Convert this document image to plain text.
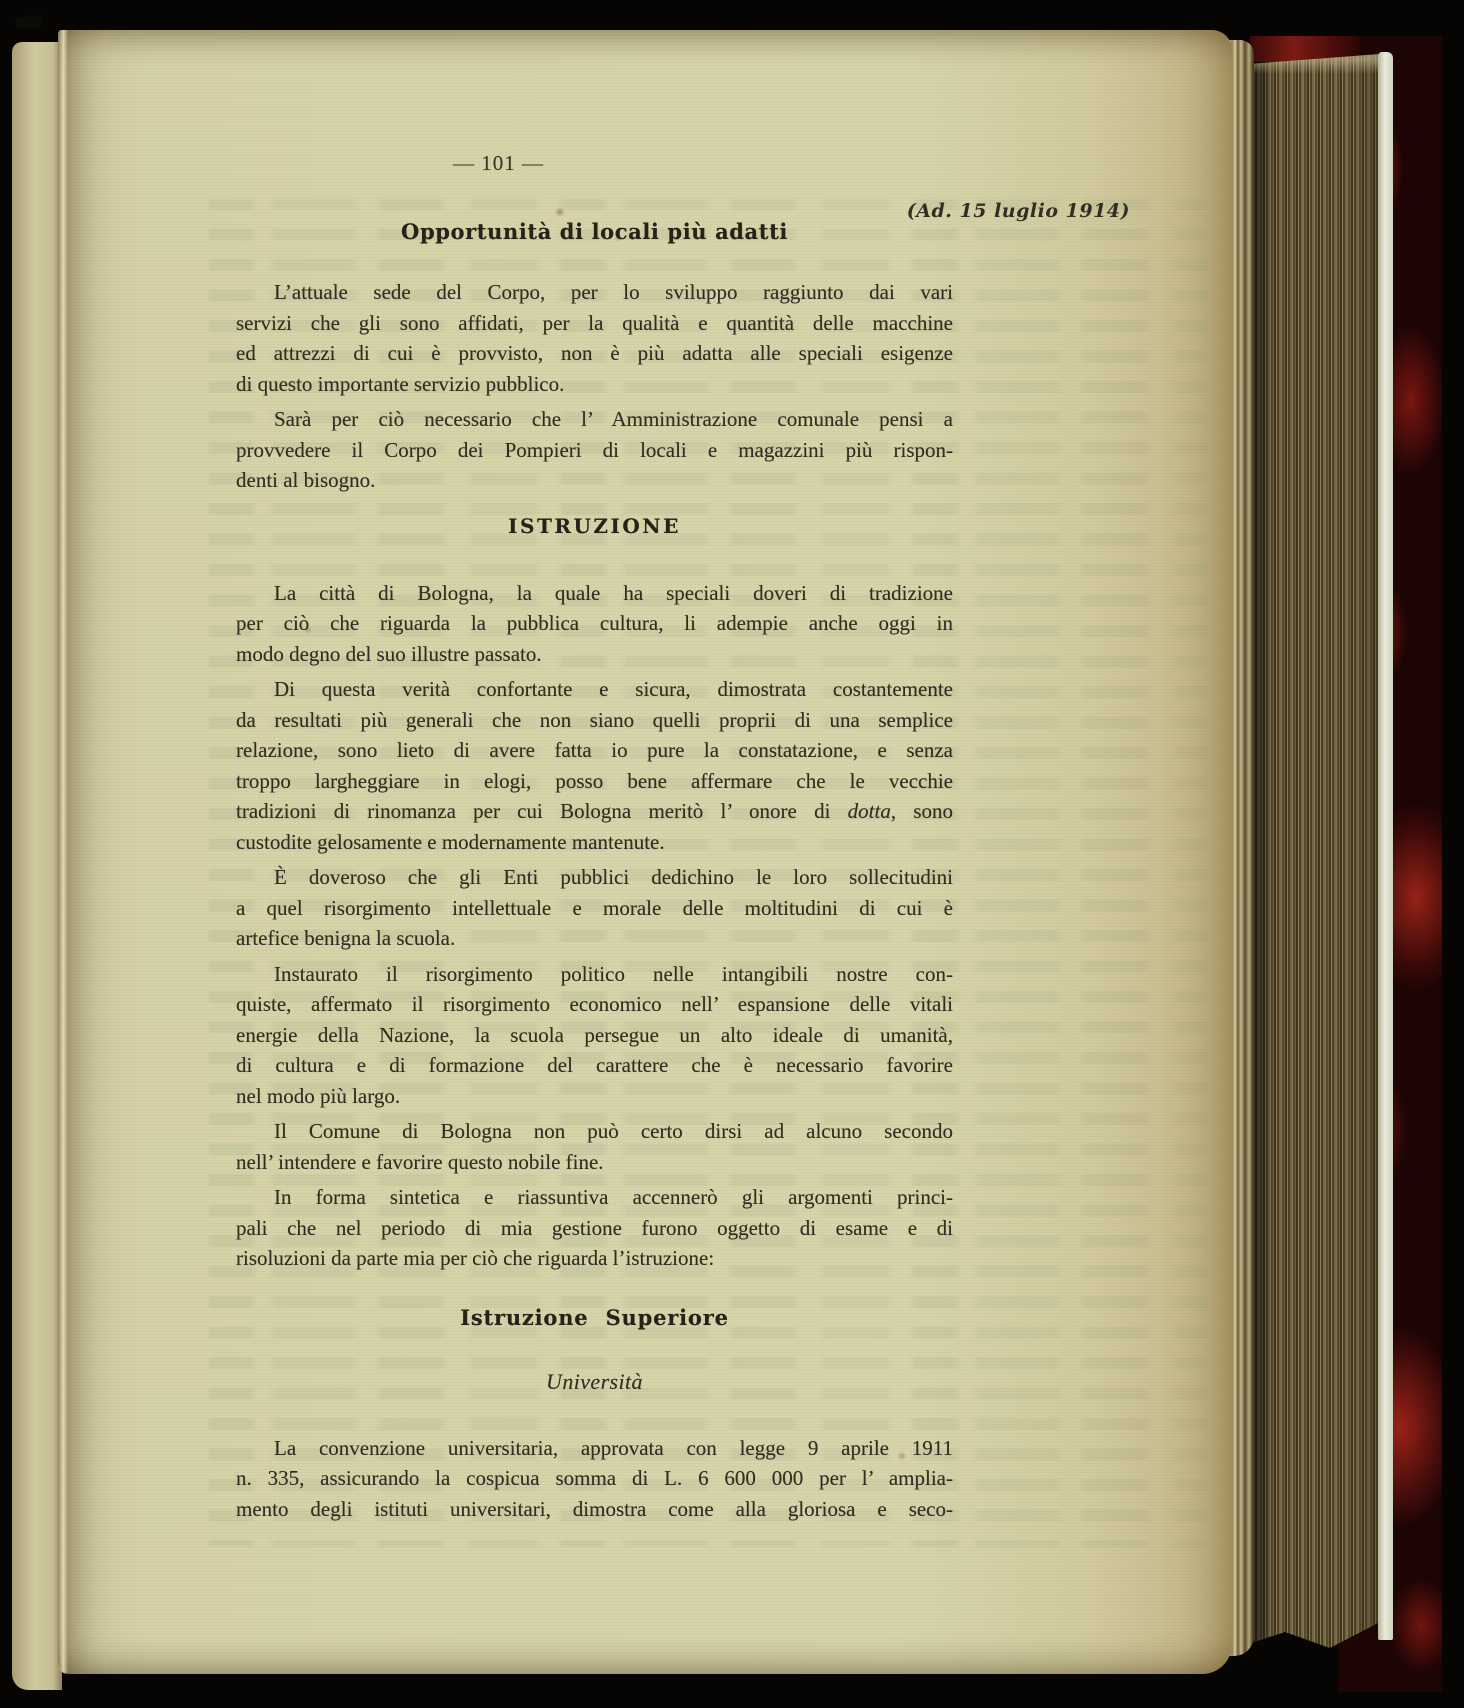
(Ad. 15 luglio 1914)
— 101 —
Opportunità di locali più adatti
L’attuale sede del Corpo, per lo sviluppo raggiunto dai vari
servizi che gli sono affidati, per la qualità e quantità delle macchine
ed attrezzi di cui è provvisto, non è più adatta alle speciali esigenze
di questo importante servizio pubblico.
Sarà per ciò necessario che l’ Amministrazione comunale pensi a
provvedere il Corpo dei Pompieri di locali e magazzini più rispon-
denti al bisogno.
ISTRUZIONE
La città di Bologna, la quale ha speciali doveri di tradizione
per ciò che riguarda la pubblica cultura, li adempie anche oggi in
modo degno del suo illustre passato.
Di questa verità confortante e sicura, dimostrata costantemente
da resultati più generali che non siano quelli proprii di una semplice
relazione, sono lieto di avere fatta io pure la constatazione, e senza
troppo largheggiare in elogi, posso bene affermare che le vecchie
tradizioni di rinomanza per cui Bologna meritò l’ onore di dotta, sono
custodite gelosamente e modernamente mantenute.
È doveroso che gli Enti pubblici dedichino le loro sollecitudini
a quel risorgimento intellettuale e morale delle moltitudini di cui è
artefice benigna la scuola.
Instaurato il risorgimento politico nelle intangibili nostre con-
quiste, affermato il risorgimento economico nell’ espansione delle vitali
energie della Nazione, la scuola persegue un alto ideale di umanità,
di cultura e di formazione del carattere che è necessario favorire
nel modo più largo.
Il Comune di Bologna non può certo dirsi ad alcuno secondo
nell’ intendere e favorire questo nobile fine.
In forma sintetica e riassuntiva accennerò gli argomenti princi-
pali che nel periodo di mia gestione furono oggetto di esame e di
risoluzioni da parte mia per ciò che riguarda l’istruzione:
Istruzione Superiore
Università
La convenzione universitaria, approvata con legge 9 aprile 1911
n. 335, assicurando la cospicua somma di L. 6 600 000 per l’ amplia-
mento degli istituti universitari, dimostra come alla gloriosa e seco-
